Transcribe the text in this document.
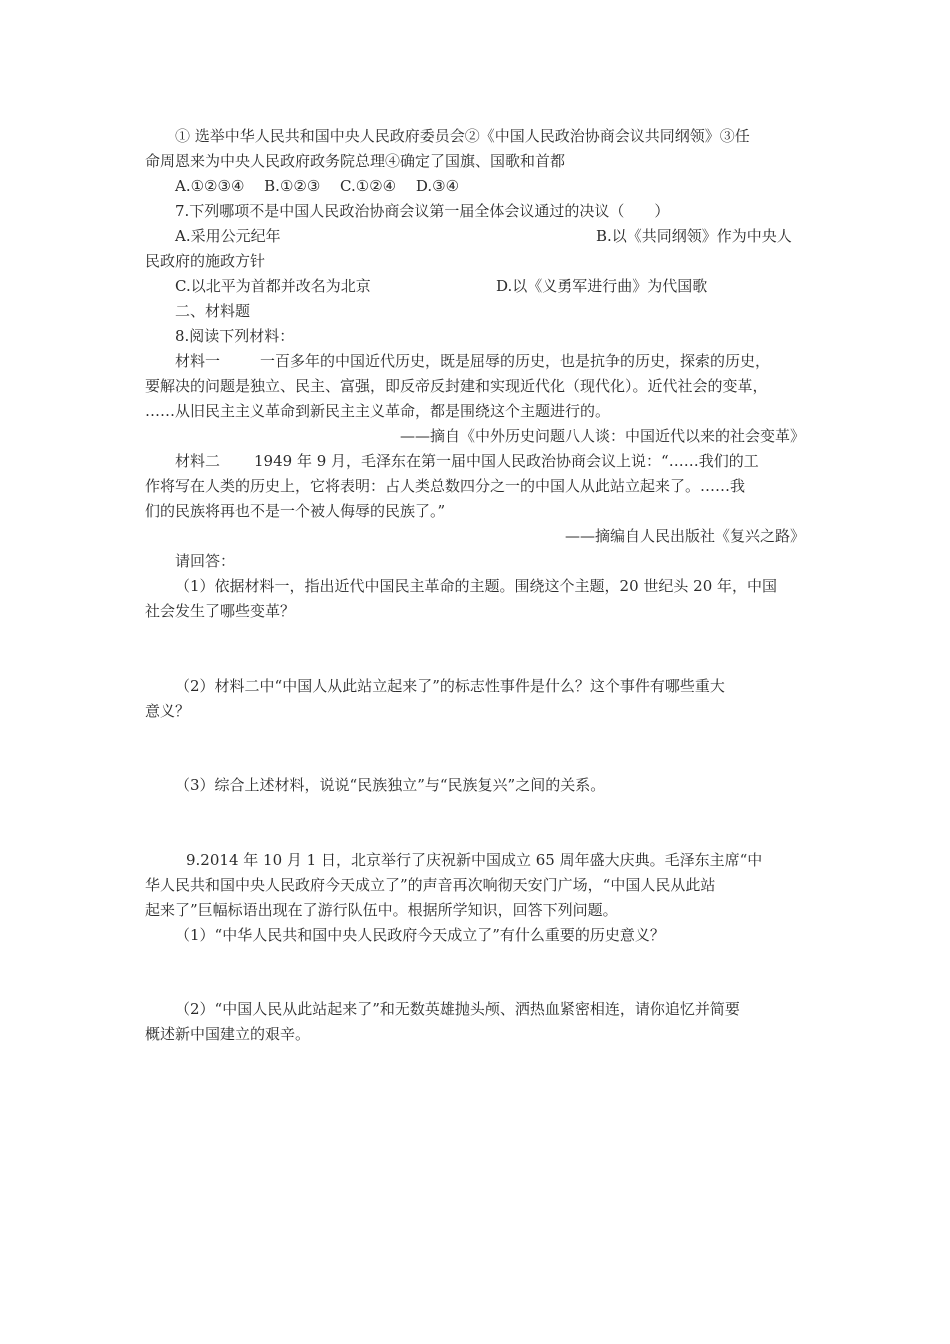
① 选举中华人民共和国中央人民政府委员会②《中国人民政治协商会议共同纲领》③任
命周恩来为中央人民政府政务院总理④确定了国旗、国歌和首都
A.①②③④　 B.①②③　 C.①②④　 D.③④
7.下列哪项不是中国人民政治协商会议第一届全体会议通过的决议（　　）
A.采用公元纪年	B.以《共同纲领》作为中央人
民政府的施政方针
C.以北平为首都并改名为北京	D.以《义勇军进行曲》为代国歌
二、材料题
8.阅读下列材料：
材料一	一百多年的中国近代历史，既是屈辱的历史，也是抗争的历史，探索的历史，
要解决的问题是独立、民主、富强，即反帝反封建和实现近代化（现代化）。近代社会的变革，
……从旧民主主义革命到新民主主义革命，都是围绕这个主题进行的。
——摘自《中外历史问题八人谈：中国近代以来的社会变革》
材料二 1949 年 9 月，毛泽东在第一届中国人民政治协商会议上说：“……我们的工
作将写在人类的历史上，它将表明：占人类总数四分之一的中国人从此站立起来了。……我
们的民族将再也不是一个被人侮辱的民族了。”
——摘编自人民出版社《复兴之路》
请回答：
（1）依据材料一，指出近代中国民主革命的主题。围绕这个主题，20 世纪头 20 年，中国
社会发生了哪些变革？
（2）材料二中“中国人从此站立起来了”的标志性事件是什么？这个事件有哪些重大
意义？
（3）综合上述材料，说说“民族独立”与“民族复兴”之间的关系。
9.2014 年 10 月 1 日，北京举行了庆祝新中国成立 65 周年盛大庆典。毛泽东主席“中
华人民共和国中央人民政府今天成立了”的声音再次响彻天安门广场，“中国人民从此站
起来了”巨幅标语出现在了游行队伍中。根据所学知识，回答下列问题。
（1）“中华人民共和国中央人民政府今天成立了”有什么重要的历史意义？
（2）“中国人民从此站起来了”和无数英雄抛头颅、洒热血紧密相连，请你追忆并简要
概述新中国建立的艰辛。
